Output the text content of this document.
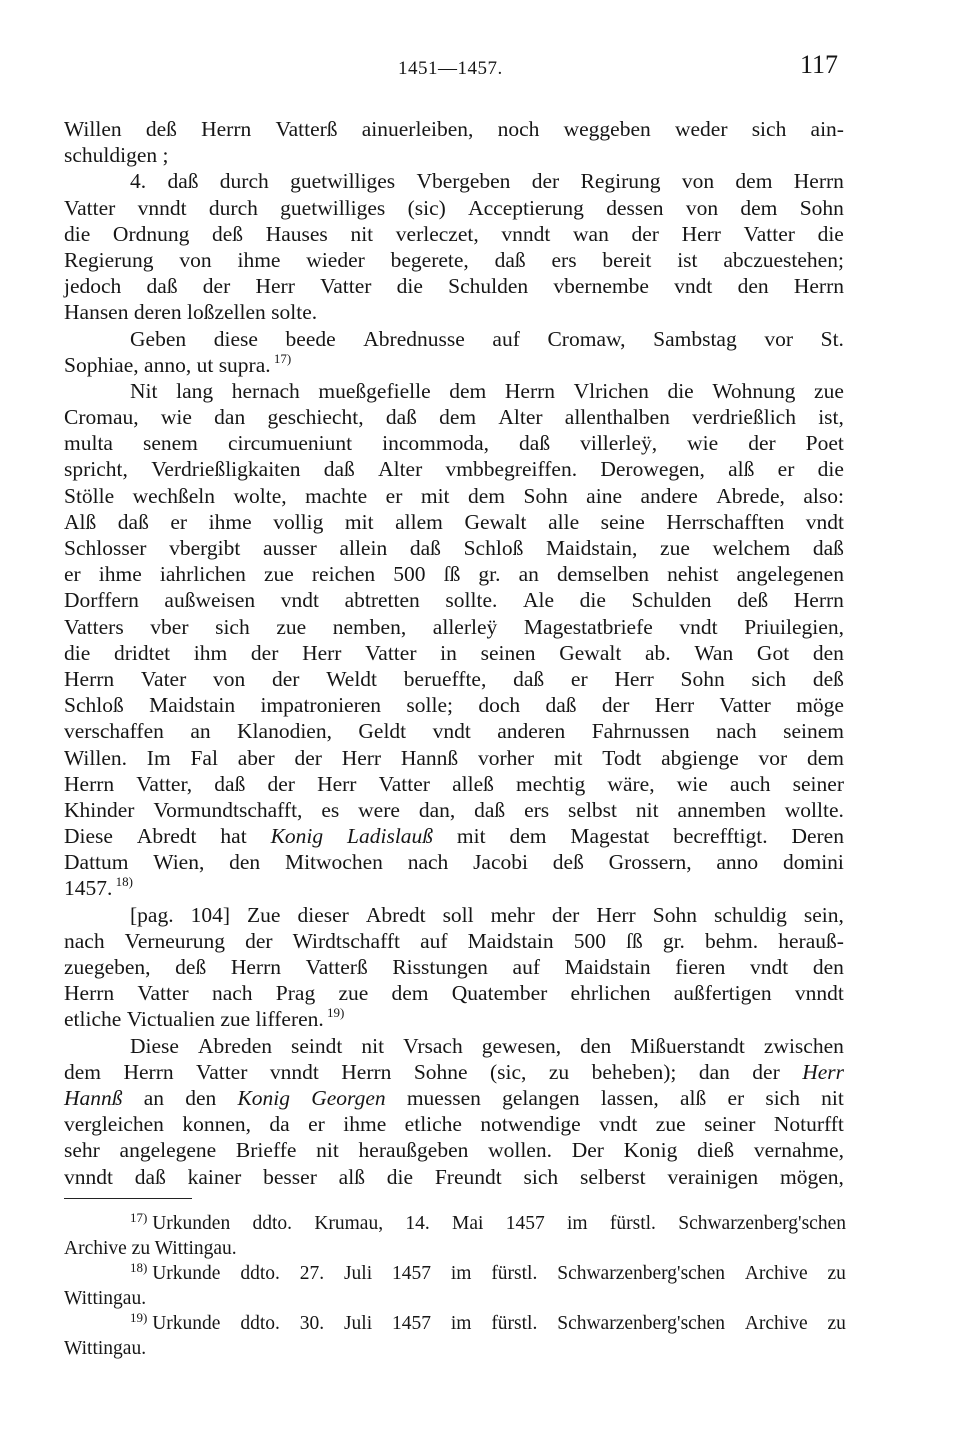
1451—1457.	117
Willen deß Herrn Vatterß ainuerleiben, noch weggeben weder sich ain-
schuldigen ;
4. daß durch guetwilliges Vbergeben der Regirung von dem Herrn
Vatter vnndt durch guetwilliges (sic) Acceptierung dessen von dem Sohn
die Ordnung deß Hauses nit verleczet, vnndt wan der Herr Vatter die
Regierung von ihme wieder begerete, daß ers bereit ist abczuestehen;
jedoch daß der Herr Vatter die Schulden vbernembe vndt den Herrn
Hansen deren loßzellen solte.
Geben diese beede Abrednusse auf Cromaw, Sambstag vor St.
Sophiae, anno, ut supra. $^{17)}$
Nit lang hernach mueßgefielle dem Herrn Vlrichen die Wohnung zue
Cromau, wie dan geschiecht, daß dem Alter allenthalben verdrießlich ist,
multa senem circumueniunt incommoda, daß villerleÿ, wie der Poet
spricht, Verdrießligkaiten daß Alter vmbbegreiffen. Derowegen, alß er die
Stölle wechßeln wolte, machte er mit dem Sohn aine andere Abrede, also:
Alß daß er ihme vollig mit allem Gewalt alle seine Herrschafften vndt
Schlosser vbergibt ausser allein daß Schloß Maidstain, zue welchem daß
er ihme iahrlichen zue reichen 500 ſß gr. an demselben nehist angelegenen
Dorffern außweisen vndt abtretten sollte. Ale die Schulden deß Herrn
Vatters vber sich zue nemben, allerleÿ Magestatbriefe vndt Priuilegien,
die dridtet ihm der Herr Vatter in seinen Gewalt ab. Wan Got den
Herrn Vater von der Weldt berueffte, daß er Herr Sohn sich deß
Schloß Maidstain impatronieren solle; doch daß der Herr Vatter möge
verschaffen an Klanodien, Geldt vndt anderen Fahrnussen nach seinem
Willen. Im Fal aber der Herr Hannß vorher mit Todt abgienge vor dem
Herrn Vatter, daß der Herr Vatter alleß mechtig wäre, wie auch seiner
Khinder Vormundtschafft, es were dan, daß ers selbst nit annemben wollte.
Diese Abredt hat Konig Ladislauß mit dem Magestat becrefftigt. Deren
Dattum Wien, den Mitwochen nach Jacobi deß Grossern, anno domini
1457. $^{18)}$
[pag. 104] Zue dieser Abredt soll mehr der Herr Sohn schuldig sein,
nach Verneurung der Wirdtschafft auf Maidstain 500 ſß gr. behm. herauß-
zuegeben, deß Herrn Vatterß Risstungen auf Maidstain fieren vndt den
Herrn Vatter nach Prag zue dem Quatember ehrlichen außfertigen vnndt
etliche Victualien zue lifferen. $^{19)}$
Diese Abreden seindt nit Vrsach gewesen, den Mißuerstandt zwischen
dem Herrn Vatter vnndt Herrn Sohne (sic, zu beheben); dan der Herr
Hannß an den Konig Georgen muessen gelangen lassen, alß er sich nit
vergleichen konnen, da er ihme etliche notwendige vndt zue seiner Noturfft
sehr angelegene Brieffe nit heraußgeben wollen. Der Konig dieß vernahme,
vnndt daß kainer besser alß die Freundt sich selberst verainigen mögen,
$^{17)}$ Urkunden ddto. Krumau, 14. Mai 1457 im fürstl. Schwarzenberg'schen
Archive zu Wittingau.
$^{18)}$ Urkunde ddto. 27. Juli 1457 im fürstl. Schwarzenberg'schen Archive zu
Wittingau.
$^{19)}$ Urkunde ddto. 30. Juli 1457 im fürstl. Schwarzenberg'schen Archive zu
Wittingau.
